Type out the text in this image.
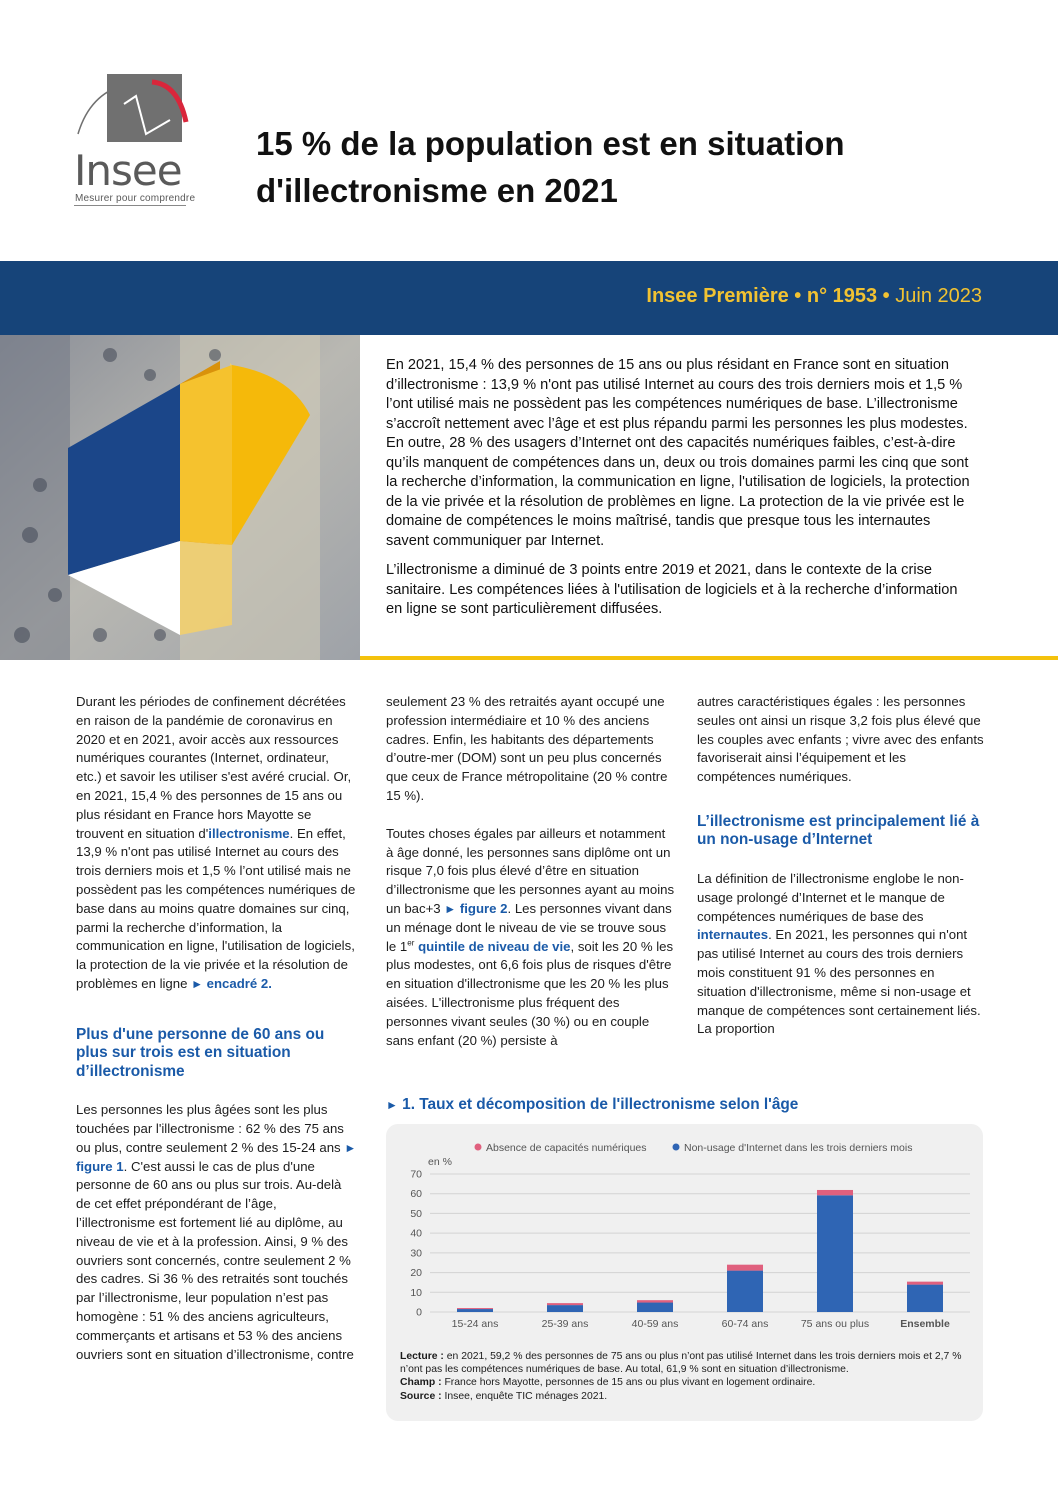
Insee
Mesurer pour comprendre
15 % de la population est en situation d'illectronisme en 2021
Insee Première • n° 1953 • Juin 2023

En 2021, 15,4 % des personnes de 15 ans ou plus résidant en France sont en situation d’illectronisme : 13,9 % n'ont pas utilisé Internet au cours des trois derniers mois et 1,5 % l’ont utilisé mais ne possèdent pas les compétences numériques de base. L’illectronisme s’accroît nettement avec l’âge et est plus répandu parmi les personnes les plus modestes. En outre, 28 % des usagers d’Internet ont des capacités numériques faibles, c’est-à-dire qu’ils manquent de compétences dans un, deux ou trois domaines parmi les cinq que sont la recherche d’information, la communication en ligne, l'utilisation de logiciels, la protection de la vie privée et la résolution de problèmes en ligne. La protection de la vie privée est le domaine de compétences le moins maîtrisé, tandis que presque tous les internautes savent communiquer par Internet.

L’illectronisme a diminué de 3 points entre 2019 et 2021, dans le contexte de la crise sanitaire. Les compétences liées à l'utilisation de logiciels et à la recherche d’information en ligne se sont particulièrement diffusées.

Durant les périodes de confinement décrétées en raison de la pandémie de coronavirus en 2020 et en 2021, avoir accès aux ressources numériques courantes (Internet, ordinateur, etc.) et savoir les utiliser s'est avéré crucial. Or, en 2021, 15,4 % des personnes de 15 ans ou plus résidant en France hors Mayotte se trouvent en situation d'illectronisme. En effet, 13,9 % n'ont pas utilisé Internet au cours des trois derniers mois et 1,5 % l’ont utilisé mais ne possèdent pas les compétences numériques de base dans au moins quatre domaines sur cinq, parmi la recherche d’information, la communication en ligne, l'utilisation de logiciels, la protection de la vie privée et la résolution de problèmes en ligne ► encadré 2.

Plus d'une personne de 60 ans ou plus sur trois est en situation d’illectronisme

Les personnes les plus âgées sont les plus touchées par l'illectronisme : 62 % des 75 ans ou plus, contre seulement 2 % des 15-24 ans ► figure 1. C'est aussi le cas de plus d'une personne de 60 ans ou plus sur trois. Au-delà de cet effet prépondérant de l’âge, l’illectronisme est fortement lié au diplôme, au niveau de vie et à la profession. Ainsi, 9 % des ouvriers sont concernés, contre seulement 2 % des cadres. Si 36 % des retraités sont touchés par l’illectronisme, leur population n’est pas homogène : 51 % des anciens agriculteurs, commerçants et artisans et 53 % des anciens ouvriers sont en situation d’illectronisme, contre

seulement 23 % des retraités ayant occupé une profession intermédiaire et 10 % des anciens cadres. Enfin, les habitants des départements d’outre-mer (DOM) sont un peu plus concernés que ceux de France métropolitaine (20 % contre 15 %).

Toutes choses égales par ailleurs et notamment à âge donné, les personnes sans diplôme ont un risque 7,0 fois plus élevé d’être en situation d’illectronisme que les personnes ayant au moins un bac+3 ► figure 2. Les personnes vivant dans un ménage dont le niveau de vie se trouve sous le 1er quintile de niveau de vie, soit les 20 % les plus modestes, ont 6,6 fois plus de risques d'être en situation d'illectronisme que les 20 % les plus aisées. L'illectronisme plus fréquent des personnes vivant seules (30 %) ou en couple sans enfant (20 %) persiste à

autres caractéristiques égales : les personnes seules ont ainsi un risque 3,2 fois plus élevé que les couples avec enfants ; vivre avec des enfants favoriserait ainsi l’équipement et les compétences numériques.

L’illectronisme est principalement lié à un non-usage d’Internet

La définition de l’illectronisme englobe le non-usage prolongé d’Internet et le manque de compétences numériques de base des internautes. En 2021, les personnes qui n'ont pas utilisé Internet au cours des trois derniers mois constituent 91 % des personnes en situation d'illectronisme, même si non-usage et manque de compétences sont certainement liés. La proportion

► 1. Taux et décomposition de l'illectronisme selon l'âge
0
10
20
30
40
50
60
70
en %
Absence de capacités numériques	Non-usage d'Internet dans les trois derniers mois
15-24 ans	25-39 ans	40-59 ans	60-74 ans	75 ans ou plus	Ensemble
Lecture : en 2021, 59,2 % des personnes de 75 ans ou plus n’ont pas utilisé Internet dans les trois derniers mois et 2,7 % n’ont pas les compétences numériques de base. Au total, 61,9 % sont en situation d’illectronisme.
Champ : France hors Mayotte, personnes de 15 ans ou plus vivant en logement ordinaire.
Source : Insee, enquête TIC ménages 2021.
